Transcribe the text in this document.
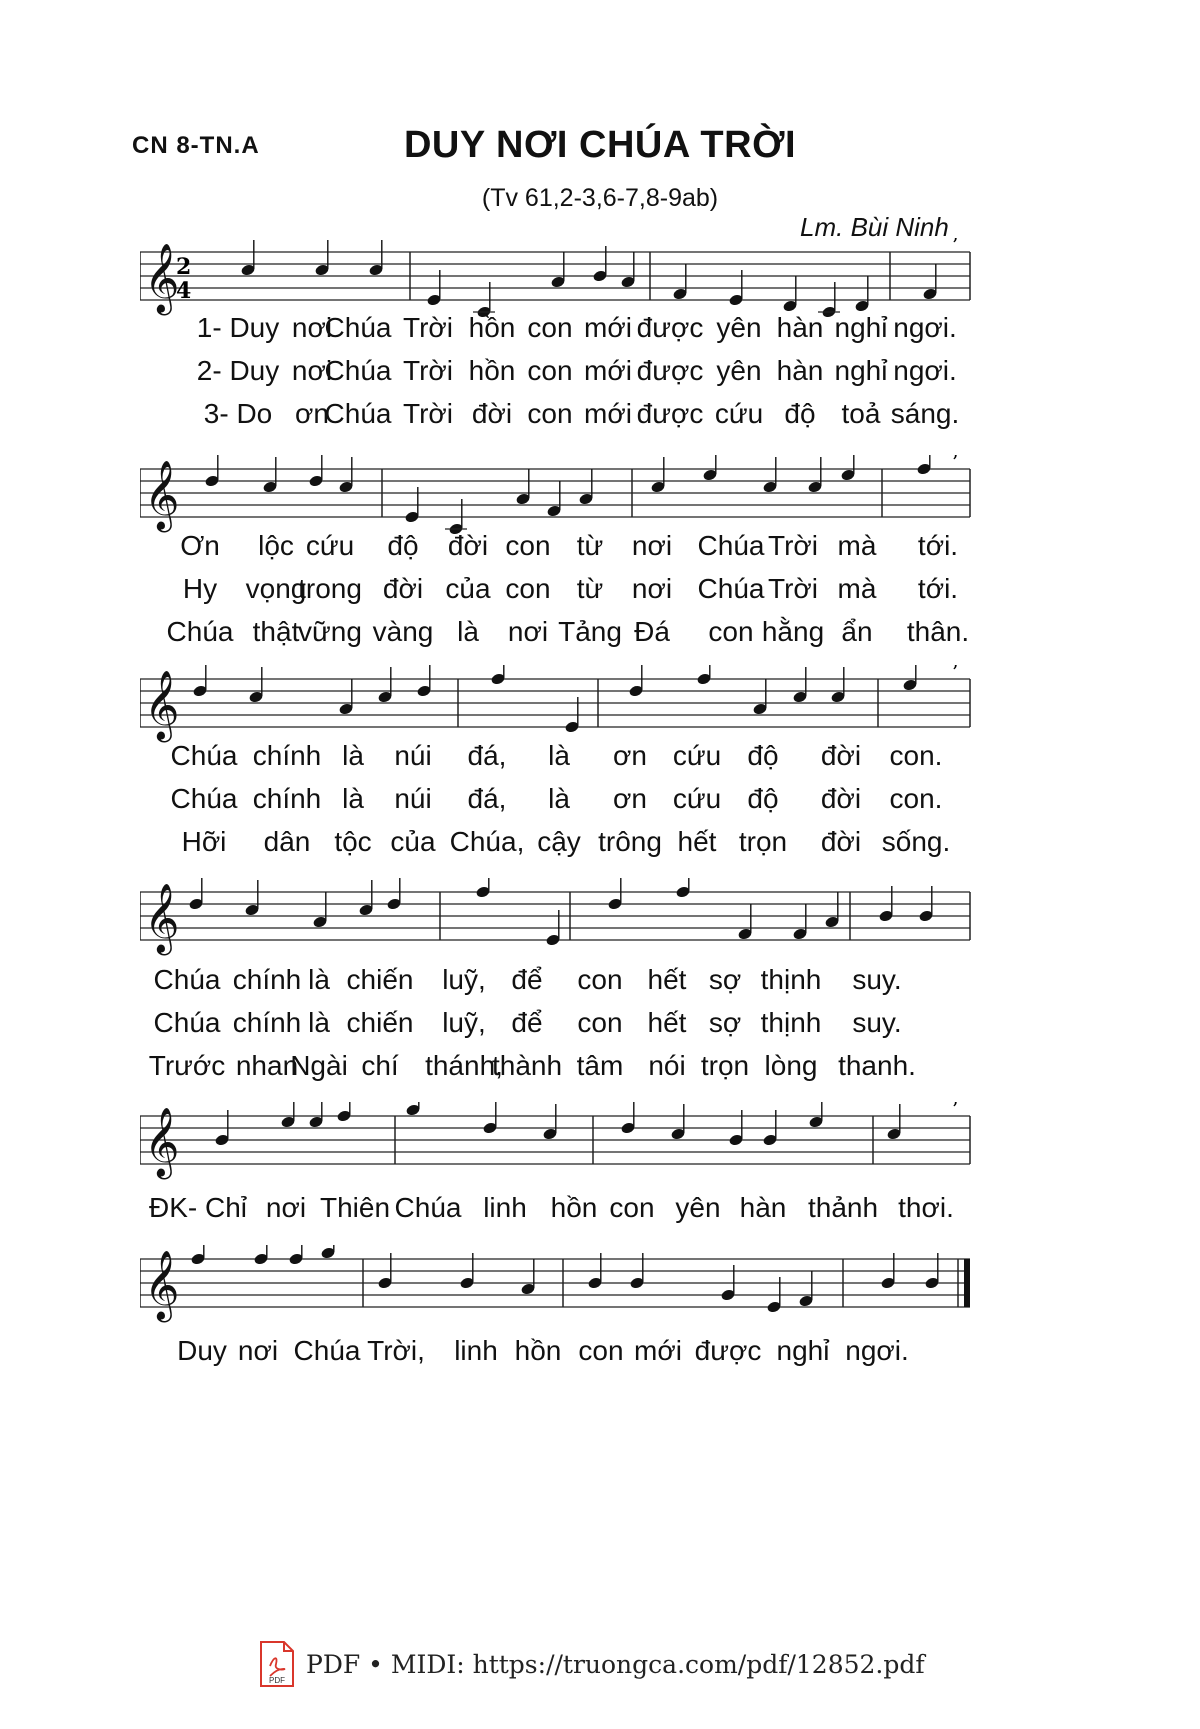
CN 8-TN.A	DUY NƠI CHÚA TRỜI
(Tv 61,2-3,6-7,8-9ab)
Lm. Bùi Ninh
𝄞
2
4
’
𝄞	’
𝄞	’
𝄞
𝄞	’
𝄞
PDF
PDF • MIDI: https://truongca.com/pdf/12852.pdf
1- Duy nơi
Chúa Trời hồn con mới được yên hàn nghỉ ngơi.
2- Duy nơi
Chúa Trời hồn con mới được yên hàn nghỉ ngơi.
3- Do ơn
Chúa Trời đời con mới được cứu độ toả sáng.
Ơn lộc cứu độ đời con từ nơi Chúa Trời mà tới.
Hy vọng
trong đời của con từ nơi Chúa Trời mà tới.
Chúa thật
vững vàng là nơi Tảng Đá con hằng ẩn thân.
Chúa chính là núi đá, là ơn cứu độ đời con.
Chúa chính là núi đá, là ơn cứu độ đời con.
Hỡi dân tộc của Chúa, cậy trông hết trọn đời sống.
Chúa chính là chiến luỹ, để con hết sợ thịnh suy.
Chúa chính là chiến luỹ, để con hết sợ thịnh suy.
Trước nhan
Ngài chí thánh,
thành tâm nói trọn lòng thanh.
ĐK- Chỉ nơi Thiên Chúa linh hồn con yên hàn thảnh thơi.
Duy nơi Chúa Trời, linh hồn con mới được nghỉ ngơi.
